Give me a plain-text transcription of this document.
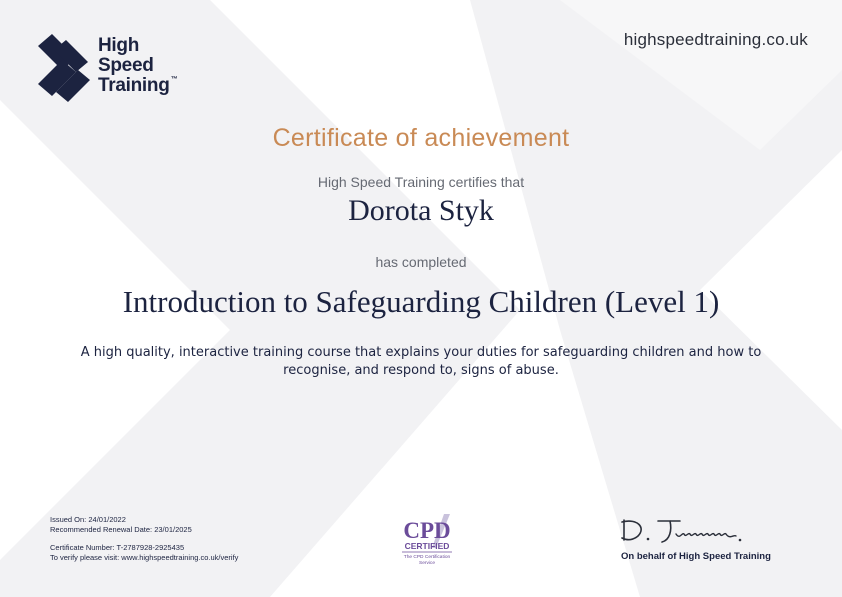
High
Speed
Training ™
highspeedtraining.co.uk
Certificate of achievement
High Speed Training certifies that
Dorota Styk
has completed
Introduction to Safeguarding Children (Level 1)
A high quality, interactive training course that explains your duties for safeguarding children and how to
recognise, and respond to, signs of abuse.
Issued On: 24/01/2022
Recommended Renewal Date: 23/01/2025
Certificate Number: T-2787928-2925435
To verify please visit: www.highspeedtraining.co.uk/verify
CPD
CERTIFIED
The CPD Certification
Service
On behalf of High Speed Training
